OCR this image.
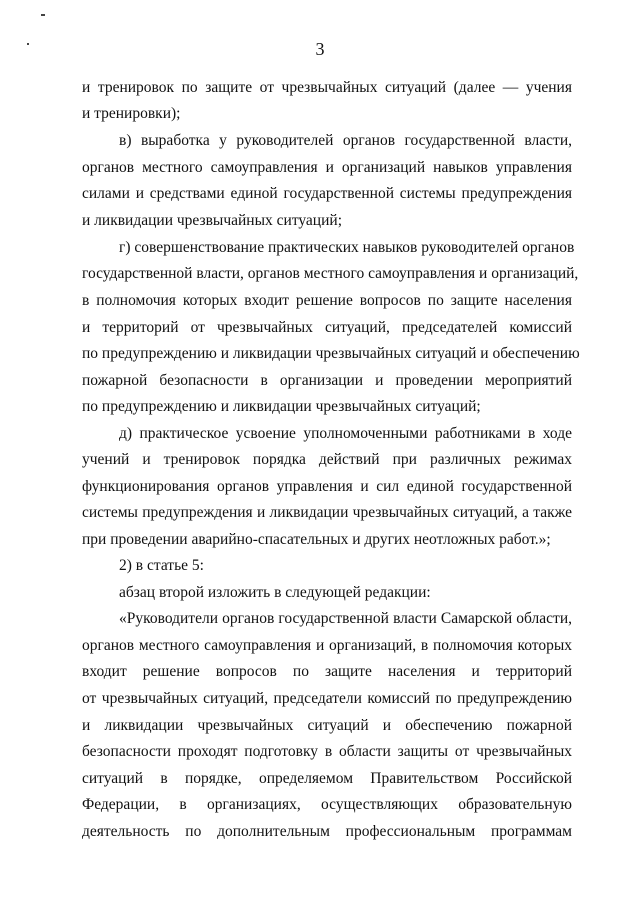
3
и тренировок по защите от чрезвычайных ситуаций (далее — учения
и тренировки);
в) выработка у руководителей органов государственной власти,
органов местного самоуправления и организаций навыков управления
силами и средствами единой государственной системы предупреждения
и ликвидации чрезвычайных ситуаций;
г) совершенствование практических навыков руководителей органов
государственной власти, органов местного самоуправления и организаций,
в полномочия которых входит решение вопросов по защите населения
и территорий от чрезвычайных ситуаций, председателей комиссий
по предупреждению и ликвидации чрезвычайных ситуаций и обеспечению
пожарной безопасности в организации и проведении мероприятий
по предупреждению и ликвидации чрезвычайных ситуаций;
д) практическое усвоение уполномоченными работниками в ходе
учений и тренировок порядка действий при различных режимах
функционирования органов управления и сил единой государственной
системы предупреждения и ликвидации чрезвычайных ситуаций, а также
при проведении аварийно-спасательных и других неотложных работ.»;
2) в статье 5:
абзац второй изложить в следующей редакции:
«Руководители органов государственной власти Самарской области,
органов местного самоуправления и организаций, в полномочия которых
входит решение вопросов по защите населения и территорий
от чрезвычайных ситуаций, председатели комиссий по предупреждению
и ликвидации чрезвычайных ситуаций и обеспечению пожарной
безопасности проходят подготовку в области защиты от чрезвычайных
ситуаций в порядке, определяемом Правительством Российской
Федерации, в организациях, осуществляющих образовательную
деятельность по дополнительным профессиональным программам
